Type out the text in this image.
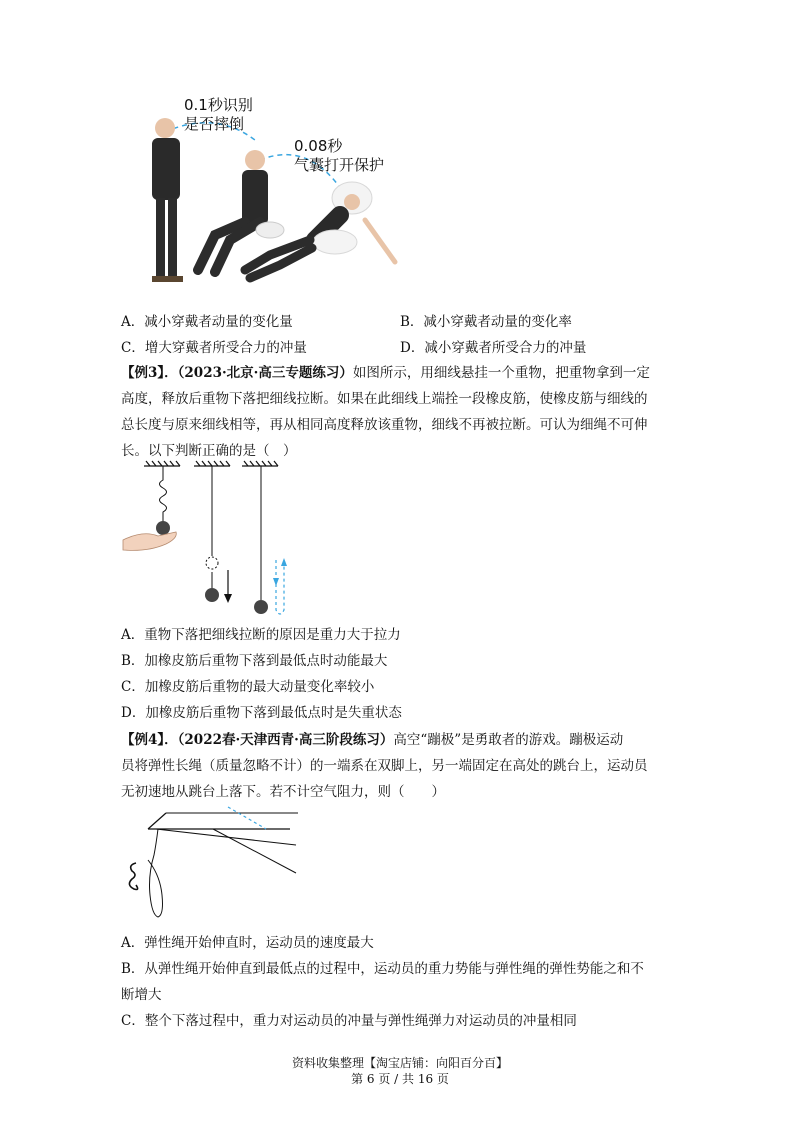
0.1秒识别
是否摔倒
0.08秒
气囊打开保护
A．减小穿戴者动量的变化量	B．减小穿戴者动量的变化率
C．增大穿戴者所受合力的冲量	D．减小穿戴者所受合力的冲量
【例3】．（2023·北京·高三专题练习）如图所示，用细线悬挂一个重物，把重物拿到一定
高度，释放后重物下落把细线拉断。如果在此细线上端拴一段橡皮筋，使橡皮筋与细线的
总长度与原来细线相等，再从相同高度释放该重物，细线不再被拉断。可认为细绳不可伸
长。以下判断正确的是（　）
A．重物下落把细线拉断的原因是重力大于拉力
B．加橡皮筋后重物下落到最低点时动能最大
C．加橡皮筋后重物的最大动量变化率较小
D．加橡皮筋后重物下落到最低点时是失重状态
【例4】．（2022春·天津西青·高三阶段练习）高空“蹦极”是勇敢者的游戏。蹦极运动
员将弹性长绳（质量忽略不计）的一端系在双脚上，另一端固定在高处的跳台上，运动员
无初速地从跳台上落下。若不计空气阻力，则（　　）
A．弹性绳开始伸直时，运动员的速度最大
B．从弹性绳开始伸直到最低点的过程中，运动员的重力势能与弹性绳的弹性势能之和不
断增大
C．整个下落过程中，重力对运动员的冲量与弹性绳弹力对运动员的冲量相同
资料收集整理【淘宝店铺：向阳百分百】
第 6 页 / 共 16 页
